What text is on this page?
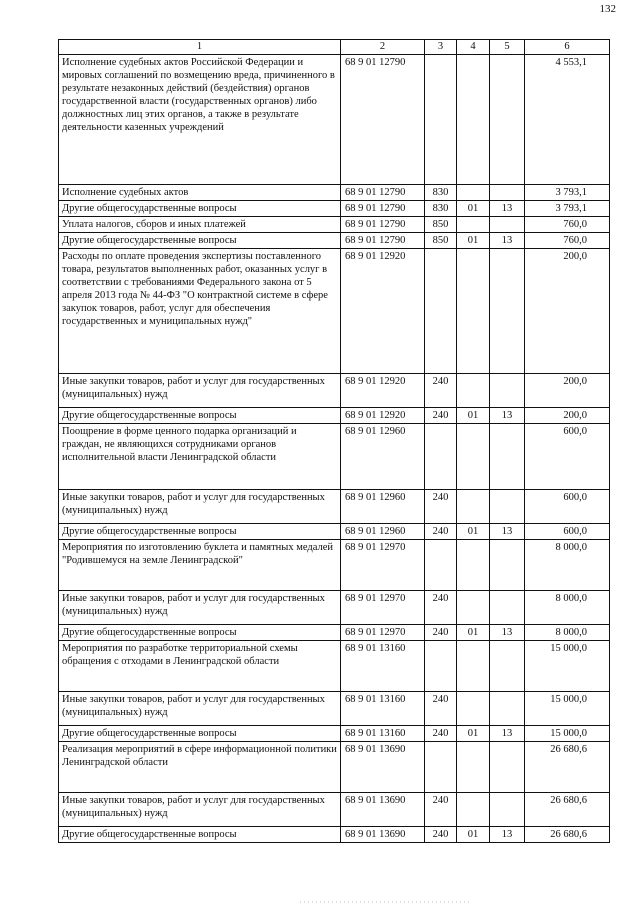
132
1	2	3	4	5	6
Исполнение судебных актов Российской Федерации и мировых соглашений по возмещению вреда, причиненного в результате незаконных действий (бездействия) органов государственной власти (государственных органов) либо должностных лиц этих органов, а также в результате деятельности казенных учреждений	68 9 01 12790				4 553,1
Исполнение судебных актов	68 9 01 12790	830			3 793,1
Другие общегосударственные вопросы	68 9 01 12790	830	01	13	3 793,1
Уплата налогов, сборов и иных платежей	68 9 01 12790	850			760,0
Другие общегосударственные вопросы	68 9 01 12790	850	01	13	760,0
Расходы по оплате проведения экспертизы поставленного товара, результатов выполненных работ, оказанных услуг в соответствии с требованиями Федерального закона от 5 апреля 2013 года № 44-ФЗ "О контрактной системе в сфере закупок товаров, работ, услуг для обеспечения государственных и муниципальных нужд"	68 9 01 12920				200,0
Иные закупки товаров, работ и услуг для государственных (муниципальных) нужд	68 9 01 12920	240			200,0
Другие общегосударственные вопросы	68 9 01 12920	240	01	13	200,0
Поощрение в форме ценного подарка организаций и граждан, не являющихся сотрудниками органов исполнительной власти Ленинградской области	68 9 01 12960				600,0
Иные закупки товаров, работ и услуг для государственных (муниципальных) нужд	68 9 01 12960	240			600,0
Другие общегосударственные вопросы	68 9 01 12960	240	01	13	600,0
Мероприятия по изготовлению буклета и памятных медалей "Родившемуся на земле Ленинградской"	68 9 01 12970				8 000,0
Иные закупки товаров, работ и услуг для государственных (муниципальных) нужд	68 9 01 12970	240			8 000,0
Другие общегосударственные вопросы	68 9 01 12970	240	01	13	8 000,0
Мероприятия по разработке территориальной схемы обращения с отходами в Ленинградской области	68 9 01 13160				15 000,0
Иные закупки товаров, работ и услуг для государственных (муниципальных) нужд	68 9 01 13160	240			15 000,0
Другие общегосударственные вопросы	68 9 01 13160	240	01	13	15 000,0
Реализация мероприятий в сфере информационной политики Ленинградской области	68 9 01 13690				26 680,6
Иные закупки товаров, работ и услуг для государственных (муниципальных) нужд	68 9 01 13690	240			26 680,6
Другие общегосударственные вопросы	68 9 01 13690	240	01	13	26 680,6
